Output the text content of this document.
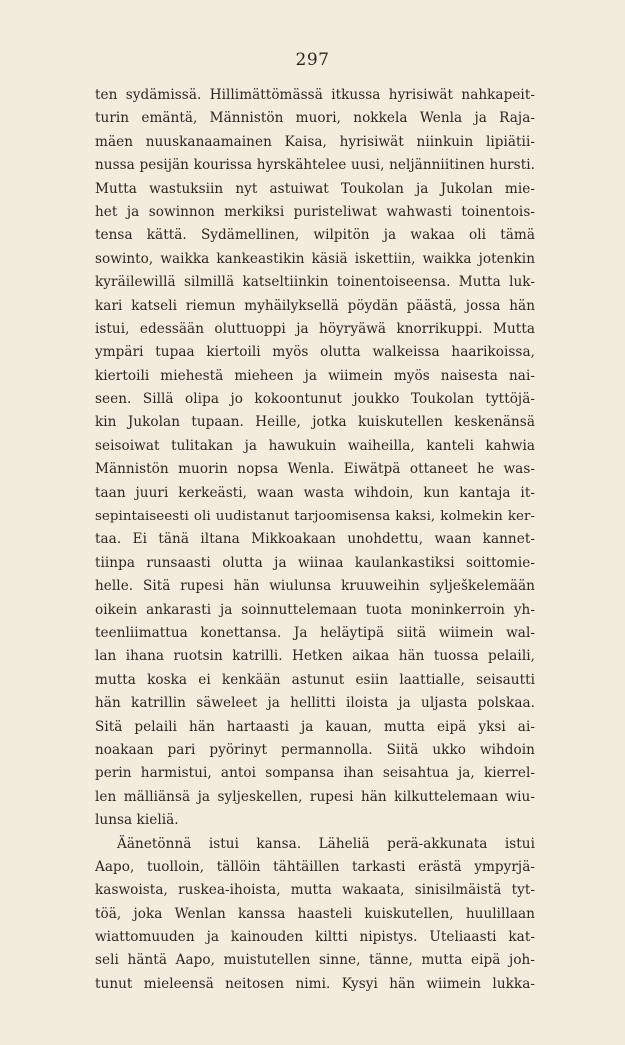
297
ten sydämissä. Hillimättömässä itkussa hyrisiwät nahkapeit-
turin emäntä, Männistön muori, nokkela Wenla ja Raja-
mäen nuuskanaamainen Kaisa, hyrisiwät niinkuin lipiätii-
nussa pesijän kourissa hyrskähtelee uusi, neljänniitinen hursti.
Mutta wastuksiin nyt astuiwat Toukolan ja Jukolan mie-
het ja sowinnon merkiksi puristeliwat wahwasti toinentois-
tensa kättä. Sydämellinen, wilpitön ja wakaa oli tämä
sowinto, waikka kankeastikin käsiä iskettiin, waikka jotenkin
kyräilewillä silmillä katseltiinkin toinentoiseensa. Mutta luk-
kari katseli riemun myhäilyksellä pöydän päästä, jossa hän
istui, edessään oluttuoppi ja höyryäwä knorrikuppi. Mutta
ympäri tupaa kiertoili myös olutta walkeissa haarikoissa,
kiertoili miehestä mieheen ja wiimein myös naisesta nai-
seen. Sillä olipa jo kokoontunut joukko Toukolan tyttöjä-
kin Jukolan tupaan. Heille, jotka kuiskutellen keskenänsä
seisoiwat tulitakan ja hawukuin waiheilla, kanteli kahwia
Männistön muorin nopsa Wenla. Eiwätpä ottaneet he was-
taan juuri kerkeästi, waan wasta wihdoin, kun kantaja it-
sepintaiseesti oli uudistanut tarjoomisensa kaksi, kolmekin ker-
taa. Ei tänä iltana Mikkoakaan unohdettu, waan kannet-
tiinpa runsaasti olutta ja wiinaa kaulankastiksi soittomie-
helle. Sitä rupesi hän wiulunsa kruuweihin sylješkelemään
oikein ankarasti ja soinnuttelemaan tuota moninkerroin yh-
teenliimattua konettansa. Ja heläytipä siitä wiimein wal-
lan ihana ruotsin katrilli. Hetken aikaa hän tuossa pelaili,
mutta koska ei kenkään astunut esiin laattialle, seisautti
hän katrillin säweleet ja hellitti iloista ja uljasta polskaa.
Sitä pelaili hän hartaasti ja kauan, mutta eipä yksi ai-
noakaan pari pyörinyt permannolla. Siitä ukko wihdoin
perin harmistui, antoi sompansa ihan seisahtua ja, kierrel-
len mälliänsä ja syljeskellen, rupesi hän kilkuttelemaan wiu-
lunsa kieliä.
Äänetönnä istui kansa. Läheliä perä-akkunata istui
Aapo, tuolloin, tällöin tähtäillen tarkasti erästä ympyrjä-
kaswoista, ruskea-ihoista, mutta wakaata, sinisilmäistä tyt-
töä, joka Wenlan kanssa haasteli kuiskutellen, huulillaan
wiattomuuden ja kainouden kiltti nipistys. Uteliaasti kat-
seli häntä Aapo, muistutellen sinne, tänne, mutta eipä joh-
tunut mieleensä neitosen nimi. Kysyi hän wiimein lukka-
